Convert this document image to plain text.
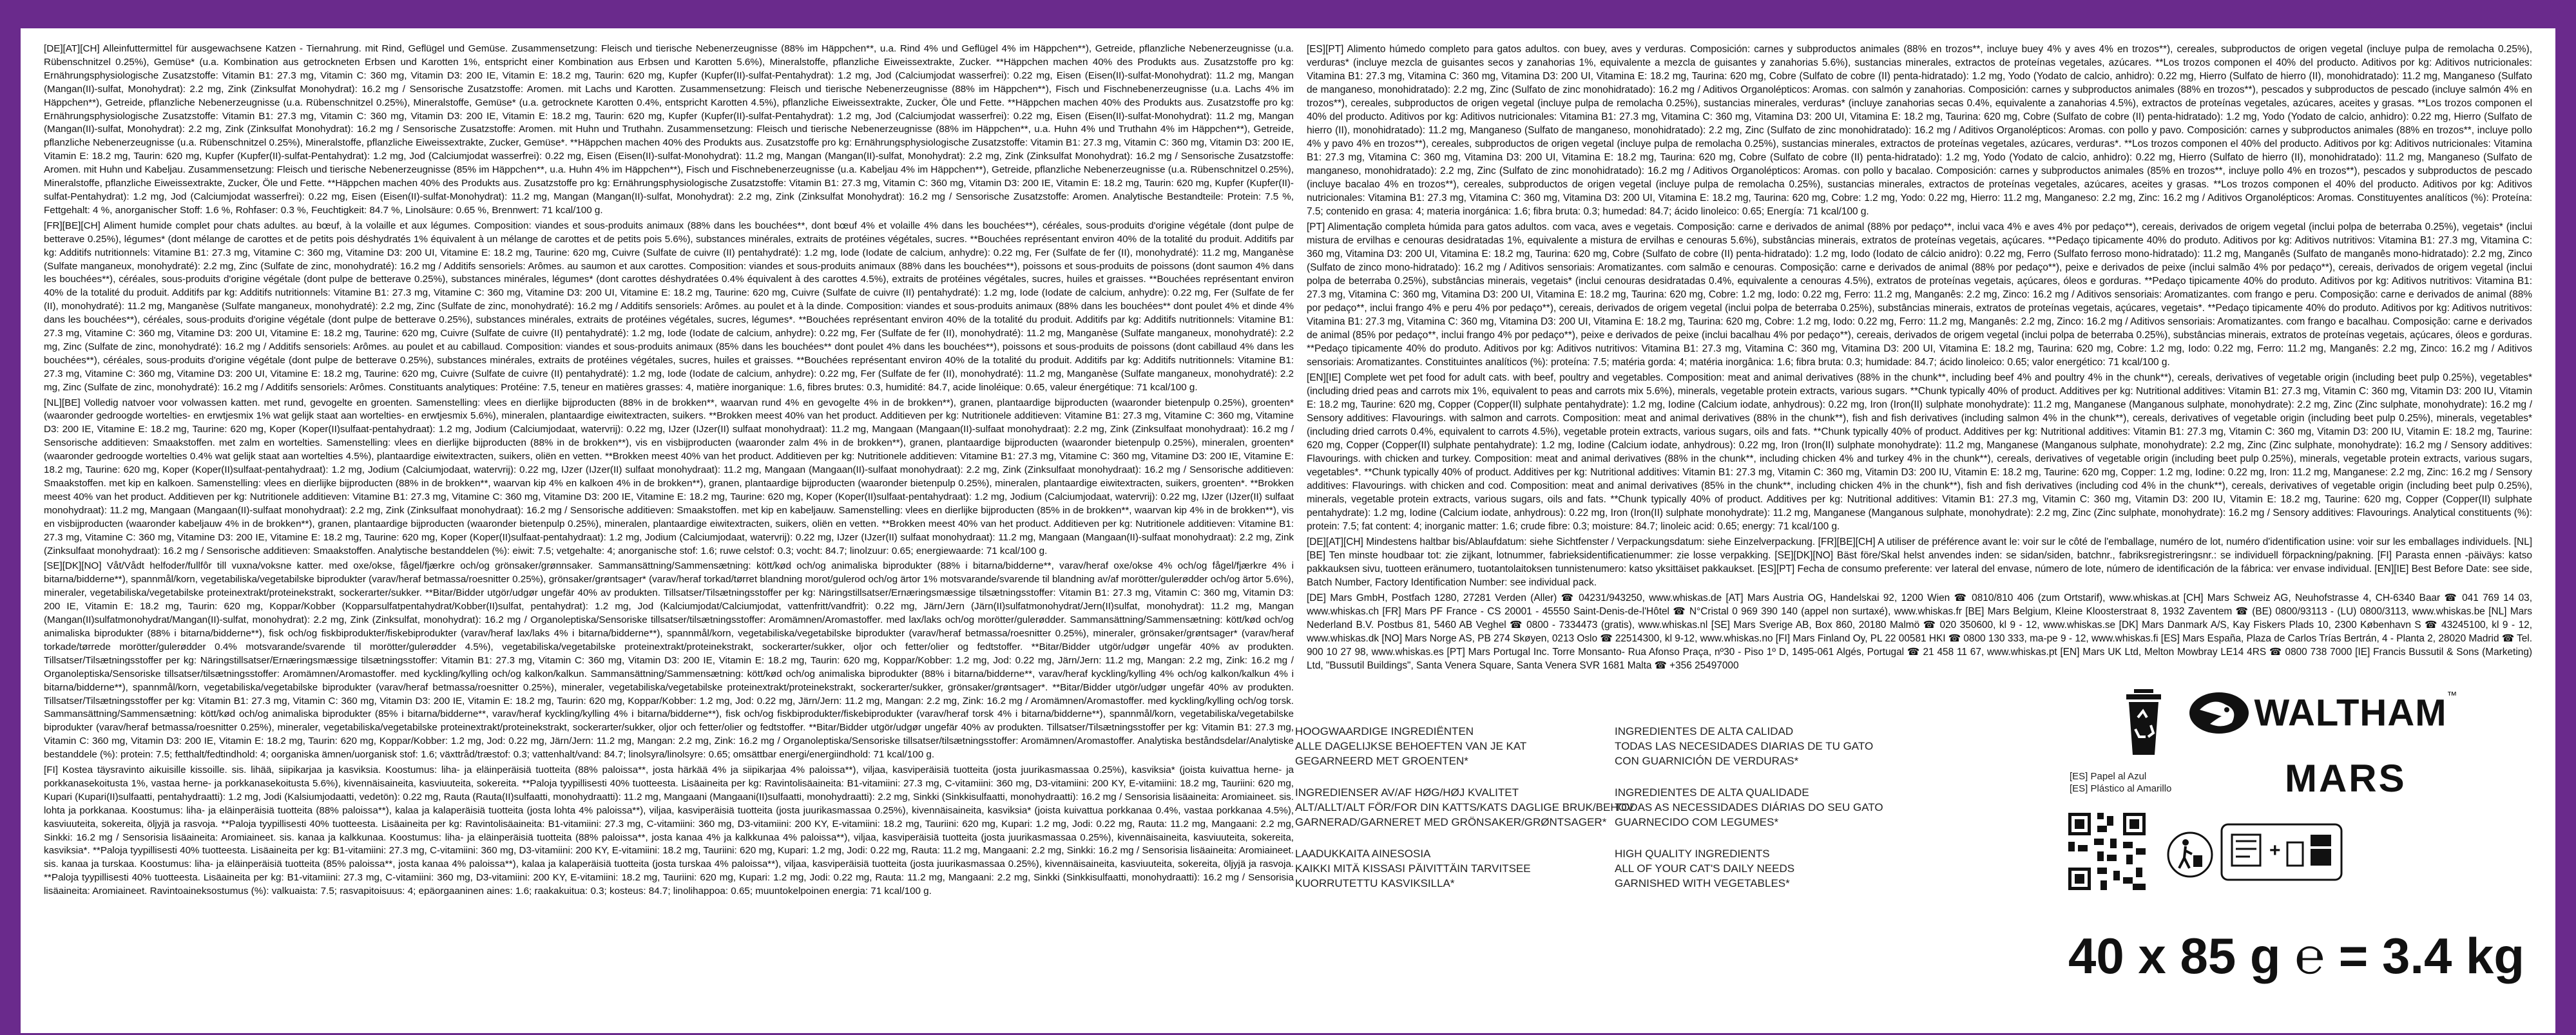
[DE][AT][CH] Alleinfuttermittel für ausgewachsene Katzen - Tiernahrung. mit Rind, Geflügel und Gemüse. Zusammensetzung: Fleisch und tierische Nebenerzeugnisse (88% im Häppchen**, u.a. Rind 4% und Geflügel 4% im Häppchen**), Getreide, pflanzliche Nebenerzeugnisse (u.a. Rübenschnitzel 0.25%), Gemüse* (u.a. Kombination aus getrockneten Erbsen und Karotten 1%, entspricht einer Kombination aus Erbsen und Karotten 5.6%), Mineralstoffe, pflanzliche Eiweissextrakte, Zucker. **Häppchen machen 40% des Produkts aus. Zusatzstoffe pro kg: Ernährungsphysiologische Zusatzstoffe: Vitamin B1: 27.3 mg, Vitamin C: 360 mg, Vitamin D3: 200 IE, Vitamin E: 18.2 mg, Taurin: 620 mg, Kupfer (Kupfer(II)-sulfat-Pentahydrat): 1.2 mg, Jod (Calciumjodat wasserfrei): 0.22 mg, Eisen (Eisen(II)-sulfat-Monohydrat): 11.2 mg, Mangan (Mangan(II)-sulfat, Monohydrat): 2.2 mg, Zink (Zinksulfat Monohydrat): 16.2 mg / Sensorische Zusatzstoffe: Aromen. mit Lachs und Karotten. Zusammensetzung: Fleisch und tierische Nebenerzeugnisse (88% im Häppchen**), Fisch und Fischnebenerzeugnisse (u.a. Lachs 4% im Häppchen**), Getreide, pflanzliche Nebenerzeugnisse (u.a. Rübenschnitzel 0.25%), Mineralstoffe, Gemüse* (u.a. getrocknete Karotten 0.4%, entspricht Karotten 4.5%), pflanzliche Eiweissextrakte, Zucker, Öle und Fette. **Häppchen machen 40% des Produkts aus. Zusatzstoffe pro kg: Ernährungsphysiologische Zusatzstoffe: Vitamin B1: 27.3 mg, Vitamin C: 360 mg, Vitamin D3: 200 IE, Vitamin E: 18.2 mg, Taurin: 620 mg, Kupfer (Kupfer(II)-sulfat-Pentahydrat): 1.2 mg, Jod (Calciumjodat wasserfrei): 0.22 mg, Eisen (Eisen(II)-sulfat-Monohydrat): 11.2 mg, Mangan (Mangan(II)-sulfat, Monohydrat): 2.2 mg, Zink (Zinksulfat Monohydrat): 16.2 mg / Sensorische Zusatzstoffe: Aromen. mit Huhn und Truthahn. Zusammensetzung: Fleisch und tierische Nebenerzeugnisse (88% im Häppchen**, u.a. Huhn 4% und Truthahn 4% im Häppchen**), Getreide, pflanzliche Nebenerzeugnisse (u.a. Rübenschnitzel 0.25%), Mineralstoffe, pflanzliche Eiweissextrakte, Zucker, Gemüse*. **Häppchen machen 40% des Produkts aus. Zusatzstoffe pro kg: Ernährungsphysiologische Zusatzstoffe: Vitamin B1: 27.3 mg, Vitamin C: 360 mg, Vitamin D3: 200 IE, Vitamin E: 18.2 mg, Taurin: 620 mg, Kupfer (Kupfer(II)-sulfat-Pentahydrat): 1.2 mg, Jod (Calciumjodat wasserfrei): 0.22 mg, Eisen (Eisen(II)-sulfat-Monohydrat): 11.2 mg, Mangan (Mangan(II)-sulfat, Monohydrat): 2.2 mg, Zink (Zinksulfat Monohydrat): 16.2 mg / Sensorische Zusatzstoffe: Aromen. mit Huhn und Kabeljau. Zusammensetzung: Fleisch und tierische Nebenerzeugnisse (85% im Häppchen**, u.a. Huhn 4% im Häppchen**), Fisch und Fischnebenerzeugnisse (u.a. Kabeljau 4% im Häppchen**), Getreide, pflanzliche Nebenerzeugnisse (u.a. Rübenschnitzel 0.25%), Mineralstoffe, pflanzliche Eiweissextrakte, Zucker, Öle und Fette. **Häppchen machen 40% des Produkts aus. Zusatzstoffe pro kg: Ernährungsphysiologische Zusatzstoffe: Vitamin B1: 27.3 mg, Vitamin C: 360 mg, Vitamin D3: 200 IE, Vitamin E: 18.2 mg, Taurin: 620 mg, Kupfer (Kupfer(II)-sulfat-Pentahydrat): 1.2 mg, Jod (Calciumjodat wasserfrei): 0.22 mg, Eisen (Eisen(II)-sulfat-Monohydrat): 11.2 mg, Mangan (Mangan(II)-sulfat, Monohydrat): 2.2 mg, Zink (Zinksulfat Monohydrat): 16.2 mg / Sensorische Zusatzstoffe: Aromen. Analytische Bestandteile: Protein: 7.5 %, Fettgehalt: 4 %, anorganischer Stoff: 1.6 %, Rohfaser: 0.3 %, Feuchtigkeit: 84.7 %, Linolsäure: 0.65 %, Brennwert: 71 kcal/100 g.

[FR][BE][CH] Aliment humide complet pour chats adultes. au bœuf, à la volaille et aux légumes. Composition: viandes et sous-produits animaux (88% dans les bouchées**, dont bœuf 4% et volaille 4% dans les bouchées**), céréales, sous-produits d'origine végétale (dont pulpe de betterave 0.25%), légumes* (dont mélange de carottes et de petits pois déshydratés 1% équivalent à un mélange de carottes et de petits pois 5.6%), substances minérales, extraits de protéines végétales, sucres. **Bouchées représentant environ 40% de la totalité du produit. Additifs par kg: Additifs nutritionnels: Vitamine B1: 27.3 mg, Vitamine C: 360 mg, Vitamine D3: 200 UI, Vitamine E: 18.2 mg, Taurine: 620 mg, Cuivre (Sulfate de cuivre (II) pentahydraté): 1.2 mg, Iode (Iodate de calcium, anhydre): 0.22 mg, Fer (Sulfate de fer (II), monohydraté): 11.2 mg, Manganèse (Sulfate manganeux, monohydraté): 2.2 mg, Zinc (Sulfate de zinc, monohydraté): 16.2 mg / Additifs sensoriels: Arômes. au saumon et aux carottes. Composition: viandes et sous-produits animaux (88% dans les bouchées**), poissons et sous-produits de poissons (dont saumon 4% dans les bouchées**), céréales, sous-produits d'origine végétale (dont pulpe de betterave 0.25%), substances minérales, légumes* (dont carottes déshydratées 0.4% équivalent à des carottes 4.5%), extraits de protéines végétales, sucres, huiles et graisses. **Bouchées représentant environ 40% de la totalité du produit. Additifs par kg: Additifs nutritionnels: Vitamine B1: 27.3 mg, Vitamine C: 360 mg, Vitamine D3: 200 UI, Vitamine E: 18.2 mg, Taurine: 620 mg, Cuivre (Sulfate de cuivre (II) pentahydraté): 1.2 mg, Iode (Iodate de calcium, anhydre): 0.22 mg, Fer (Sulfate de fer (II), monohydraté): 11.2 mg, Manganèse (Sulfate manganeux, monohydraté): 2.2 mg, Zinc (Sulfate de zinc, monohydraté): 16.2 mg / Additifs sensoriels: Arômes. au poulet et à la dinde. Composition: viandes et sous-produits animaux (88% dans les bouchées** dont poulet 4% et dinde 4% dans les bouchées**), céréales, sous-produits d'origine végétale (dont pulpe de betterave 0.25%), substances minérales, extraits de protéines végétales, sucres, légumes*. **Bouchées représentant environ 40% de la totalité du produit. Additifs par kg: Additifs nutritionnels: Vitamine B1: 27.3 mg, Vitamine C: 360 mg, Vitamine D3: 200 UI, Vitamine E: 18.2 mg, Taurine: 620 mg, Cuivre (Sulfate de cuivre (II) pentahydraté): 1.2 mg, Iode (Iodate de calcium, anhydre): 0.22 mg, Fer (Sulfate de fer (II), monohydraté): 11.2 mg, Manganèse (Sulfate manganeux, monohydraté): 2.2 mg, Zinc (Sulfate de zinc, monohydraté): 16.2 mg / Additifs sensoriels: Arômes. au poulet et au cabillaud. Composition: viandes et sous-produits animaux (85% dans les bouchées** dont poulet 4% dans les bouchées**), poissons et sous-produits de poissons (dont cabillaud 4% dans les bouchées**), céréales, sous-produits d'origine végétale (dont pulpe de betterave 0.25%), substances minérales, extraits de protéines végétales, sucres, huiles et graisses. **Bouchées représentant environ 40% de la totalité du produit. Additifs par kg: Additifs nutritionnels: Vitamine B1: 27.3 mg, Vitamine C: 360 mg, Vitamine D3: 200 UI, Vitamine E: 18.2 mg, Taurine: 620 mg, Cuivre (Sulfate de cuivre (II) pentahydraté): 1.2 mg, Iode (Iodate de calcium, anhydre): 0.22 mg, Fer (Sulfate de fer (II), monohydraté): 11.2 mg, Manganèse (Sulfate manganeux, monohydraté): 2.2 mg, Zinc (Sulfate de zinc, monohydraté): 16.2 mg / Additifs sensoriels: Arômes. Constituants analytiques: Protéine: 7.5, teneur en matières grasses: 4, matière inorganique: 1.6, fibres brutes: 0.3, humidité: 84.7, acide linoléique: 0.65, valeur énergétique: 71 kcal/100 g.

[NL][BE] Volledig natvoer voor volwassen katten. met rund, gevogelte en groenten. Samenstelling: vlees en dierlijke bijproducten (88% in de brokken**, waarvan rund 4% en gevogelte 4% in de brokken**), granen, plantaardige bijproducten (waaronder bietenpulp 0.25%), groenten* (waaronder gedroogde wortelties- en erwtjesmix 1% wat gelijk staat aan wortelties- en erwtjesmix 5.6%), mineralen, plantaardige eiwitextracten, suikers. **Brokken meest 40% van het product. Additieven per kg: Nutritionele additieven: Vitamine B1: 27.3 mg, Vitamine C: 360 mg, Vitamine D3: 200 IE, Vitamine E: 18.2 mg, Taurine: 620 mg, Koper (Koper(II)sulfaat-pentahydraat): 1.2 mg, Jodium (Calciumjodaat, watervrij): 0.22 mg, IJzer (IJzer(II) sulfaat monohydraat): 11.2 mg, Mangaan (Mangaan(II)-sulfaat monohydraat): 2.2 mg, Zink (Zinksulfaat monohydraat): 16.2 mg / Sensorische additieven: Smaakstoffen. met zalm en wortelties. Samenstelling: vlees en dierlijke bijproducten (88% in de brokken**), vis en visbijproducten (waaronder zalm 4% in de brokken**), granen, plantaardige bijproducten (waaronder bietenpulp 0.25%), mineralen, groenten* (waaronder gedroogde wortelties 0.4% wat gelijk staat aan wortelties 4.5%), plantaardige eiwitextracten, suikers, oliën en vetten. **Brokken meest 40% van het product. Additieven per kg: Nutritionele additieven: Vitamine B1: 27.3 mg, Vitamine C: 360 mg, Vitamine D3: 200 IE, Vitamine E: 18.2 mg, Taurine: 620 mg, Koper (Koper(II)sulfaat-pentahydraat): 1.2 mg, Jodium (Calciumjodaat, watervrij): 0.22 mg, IJzer (IJzer(II) sulfaat monohydraat): 11.2 mg, Mangaan (Mangaan(II)-sulfaat monohydraat): 2.2 mg, Zink (Zinksulfaat monohydraat): 16.2 mg / Sensorische additieven: Smaakstoffen. met kip en kalkoen. Samenstelling: vlees en dierlijke bijproducten (88% in de brokken**, waarvan kip 4% en kalkoen 4% in de brokken**), granen, plantaardige bijproducten (waaronder bietenpulp 0.25%), mineralen, plantaardige eiwitextracten, suikers, groenten*. **Brokken meest 40% van het product. Additieven per kg: Nutritionele additieven: Vitamine B1: 27.3 mg, Vitamine C: 360 mg, Vitamine D3: 200 IE, Vitamine E: 18.2 mg, Taurine: 620 mg, Koper (Koper(II)sulfaat-pentahydraat): 1.2 mg, Jodium (Calciumjodaat, watervrij): 0.22 mg, IJzer (IJzer(II) sulfaat monohydraat): 11.2 mg, Mangaan (Mangaan(II)-sulfaat monohydraat): 2.2 mg, Zink (Zinksulfaat monohydraat): 16.2 mg / Sensorische additieven: Smaakstoffen. met kip en kabeljauw. Samenstelling: vlees en dierlijke bijproducten (85% in de brokken**, waarvan kip 4% in de brokken**), vis en visbijproducten (waaronder kabeljauw 4% in de brokken**), granen, plantaardige bijproducten (waaronder bietenpulp 0.25%), mineralen, plantaardige eiwitextracten, suikers, oliën en vetten. **Brokken meest 40% van het product. Additieven per kg: Nutritionele additieven: Vitamine B1: 27.3 mg, Vitamine C: 360 mg, Vitamine D3: 200 IE, Vitamine E: 18.2 mg, Taurine: 620 mg, Koper (Koper(II)sulfaat-pentahydraat): 1.2 mg, Jodium (Calciumjodaat, watervrij): 0.22 mg, IJzer (IJzer(II) sulfaat monohydraat): 11.2 mg, Mangaan (Mangaan(II)-sulfaat monohydraat): 2.2 mg, Zink (Zinksulfaat monohydraat): 16.2 mg / Sensorische additieven: Smaakstoffen. Analytische bestanddelen (%): eiwit: 7.5; vetgehalte: 4; anorganische stof: 1.6; ruwe celstof: 0.3; vocht: 84.7; linolzuur: 0.65; energiewaarde: 71 kcal/100 g.

[SE][DK][NO] Våt/Vådt helfoder/fullfôr till vuxna/voksne katter. med oxe/okse, fågel/fjærkre och/og grönsaker/grønnsaker. Sammansättning/Sammensætning: kött/kød och/og animaliska biprodukter (88% i bitarna/bidderne**, varav/heraf oxe/okse 4% och/og fågel/fjærkre 4% i bitarna/bidderne**), spannmål/korn, vegetabiliska/vegetabilske biprodukter (varav/heraf betmassa/roesnitter 0.25%), grönsaker/grøntsager* (varav/heraf torkad/tørret blandning morot/gulerod och/og ärtor 1% motsvarande/svarende til blandning av/af morötter/gulerødder och/og ärtor 5.6%), mineraler, vegetabiliska/vegetabilske proteinextrakt/proteinekstrakt, sockerarter/sukker. **Bitar/Bidder utgör/udgør ungefär 40% av produkten. Tillsatser/Tilsætningsstoffer per kg: Näringstillsatser/Ernæringsmæssige tilsætningsstoffer: Vitamin B1: 27.3 mg, Vitamin C: 360 mg, Vitamin D3: 200 IE, Vitamin E: 18.2 mg, Taurin: 620 mg, Koppar/Kobber (Kopparsulfatpentahydrat/Kobber(II)sulfat, pentahydrat): 1.2 mg, Jod (Kalciumjodat/Calciumjodat, vattenfritt/vandfrit): 0.22 mg, Järn/Jern (Järn(II)sulfatmonohydrat/Jern(II)sulfat, monohydrat): 11.2 mg, Mangan (Mangan(II)sulfatmonohydrat/Mangan(II)-sulfat, monohydrat): 2.2 mg, Zink (Zinksulfat, monohydrat): 16.2 mg / Organoleptiska/Sensoriske tillsatser/tilsætningsstoffer: Aromämnen/Aromastoffer. med lax/laks och/og morötter/gulerødder. Sammansättning/Sammensætning: kött/kød och/og animaliska biprodukter (88% i bitarna/bidderne**), fisk och/og fiskbiprodukter/fiskebiprodukter (varav/heraf lax/laks 4% i bitarna/bidderne**), spannmål/korn, vegetabiliska/vegetabilske biprodukter (varav/heraf betmassa/roesnitter 0.25%), mineraler, grönsaker/grøntsager* (varav/heraf torkade/tørrede morötter/gulerødder 0.4% motsvarande/svarende til morötter/gulerødder 4.5%), vegetabiliska/vegetabilske proteinextrakt/proteinekstrakt, sockerarter/sukker, oljor och fetter/olier og fedtstoffer. **Bitar/Bidder utgör/udgør ungefär 40% av produkten. Tillsatser/Tilsætningsstoffer per kg: Näringstillsatser/Ernæringsmæssige tilsætningsstoffer: Vitamin B1: 27.3 mg, Vitamin C: 360 mg, Vitamin D3: 200 IE, Vitamin E: 18.2 mg, Taurin: 620 mg, Koppar/Kobber: 1.2 mg, Jod: 0.22 mg, Järn/Jern: 11.2 mg, Mangan: 2.2 mg, Zink: 16.2 mg / Organoleptiska/Sensoriske tillsatser/tilsætningsstoffer: Aromämnen/Aromastoffer. med kyckling/kylling och/og kalkon/kalkun. Sammansättning/Sammensætning: kött/kød och/og animaliska biprodukter (88% i bitarna/bidderne**, varav/heraf kyckling/kylling 4% och/og kalkon/kalkun 4% i bitarna/bidderne**), spannmål/korn, vegetabiliska/vegetabilske biprodukter (varav/heraf betmassa/roesnitter 0.25%), mineraler, vegetabiliska/vegetabilske proteinextrakt/proteinekstrakt, sockerarter/sukker, grönsaker/grøntsager*. **Bitar/Bidder utgör/udgør ungefär 40% av produkten. Tillsatser/Tilsætningsstoffer per kg: Vitamin B1: 27.3 mg, Vitamin C: 360 mg, Vitamin D3: 200 IE, Vitamin E: 18.2 mg, Taurin: 620 mg, Koppar/Kobber: 1.2 mg, Jod: 0.22 mg, Järn/Jern: 11.2 mg, Mangan: 2.2 mg, Zink: 16.2 mg / Aromämnen/Aromastoffer. med kyckling/kylling och/og torsk. Sammansättning/Sammensætning: kött/kød och/og animaliska biprodukter (85% i bitarna/bidderne**, varav/heraf kyckling/kylling 4% i bitarna/bidderne**), fisk och/og fiskbiprodukter/fiskebiprodukter (varav/heraf torsk 4% i bitarna/bidderne**), spannmål/korn, vegetabiliska/vegetabilske biprodukter (varav/heraf betmassa/roesnitter 0.25%), mineraler, vegetabiliska/vegetabilske proteinextrakt/proteinekstrakt, sockerarter/sukker, oljor och fetter/olier og fedtstoffer. **Bitar/Bidder utgör/udgør ungefär 40% av produkten. Tillsatser/Tilsætningsstoffer per kg: Vitamin B1: 27.3 mg, Vitamin C: 360 mg, Vitamin D3: 200 IE, Vitamin E: 18.2 mg, Taurin: 620 mg, Koppar/Kobber: 1.2 mg, Jod: 0.22 mg, Järn/Jern: 11.2 mg, Mangan: 2.2 mg, Zink: 16.2 mg / Organoleptiska/Sensoriske tillsatser/tilsætningsstoffer: Aromämnen/Aromastoffer. Analytiska beståndsdelar/Analytiske bestanddele (%): protein: 7.5; fetthalt/fedtindhold: 4; oorganiska ämnen/uorganisk stof: 1.6; växttråd/træstof: 0.3; vattenhalt/vand: 84.7; linolsyra/linolsyre: 0.65; omsättbar energi/energiindhold: 71 kcal/100 g.

[FI] Kostea täysravinto aikuisille kissoille. sis. lihää, siipikarjaa ja kasviksia. Koostumus: liha- ja eläinperäisiä tuotteita (88% paloissa**, josta härkää 4% ja siipikarjaa 4% paloissa**), viljaa, kasviperäisiä tuotteita (josta juurikasmassaa 0.25%), kasviksia* (joista kuivattua herne- ja porkkanasekoitusta 1%, vastaa herne- ja porkkanasekoitusta 5.6%), kivennäisaineita, kasviuuteita, sokereita. **Paloja tyypillisesti 40% tuotteesta. Lisäaineita per kg: Ravintolisäaineita: B1-vitamiini: 27.3 mg, C-vitamiini: 360 mg, D3-vitamiini: 200 KY, E-vitamiini: 18.2 mg, Tauriini: 620 mg, Kupari (Kupari(II)sulfaatti, pentahydraatti): 1.2 mg, Jodi (Kalsiumjodaatti, vedetön): 0.22 mg, Rauta (Rauta(II)sulfaatti, monohydraatti): 11.2 mg, Mangaani (Mangaani(II)sulfaatti, monohydraatti): 2.2 mg, Sinkki (Sinkkisulfaatti, monohydraatti): 16.2 mg / Sensorisia lisäaineita: Aromiaineet. sis. lohta ja porkkanaa. Koostumus: liha- ja eläinperäisiä tuotteita (88% paloissa**), kalaa ja kalaperäisiä tuotteita (josta lohta 4% paloissa**), viljaa, kasviperäisiä tuotteita (josta juurikasmassaa 0.25%), kivennäisaineita, kasviksia* (joista kuivattua porkkanaa 0.4%, vastaa porkkanaa 4.5%), kasviuuteita, sokereita, öljyjä ja rasvoja. **Paloja tyypillisesti 40% tuotteesta. Lisäaineita per kg: Ravintolisäaineita: B1-vitamiini: 27.3 mg, C-vitamiini: 360 mg, D3-vitamiini: 200 KY, E-vitamiini: 18.2 mg, Tauriini: 620 mg, Kupari: 1.2 mg, Jodi: 0.22 mg, Rauta: 11.2 mg, Mangaani: 2.2 mg, Sinkki: 16.2 mg / Sensorisia lisäaineita: Aromiaineet. sis. kanaa ja kalkkunaa. Koostumus: liha- ja eläinperäisiä tuotteita (88% paloissa**, josta kanaa 4% ja kalkkunaa 4% paloissa**), viljaa, kasviperäisiä tuotteita (josta juurikasmassaa 0.25%), kivennäisaineita, kasviuuteita, sokereita, kasviksia*. **Paloja tyypillisesti 40% tuotteesta. Lisäaineita per kg: B1-vitamiini: 27.3 mg, C-vitamiini: 360 mg, D3-vitamiini: 200 KY, E-vitamiini: 18.2 mg, Tauriini: 620 mg, Kupari: 1.2 mg, Jodi: 0.22 mg, Rauta: 11.2 mg, Mangaani: 2.2 mg, Sinkki: 16.2 mg / Sensorisia lisäaineita: Aromiaineet. sis. kanaa ja turskaa. Koostumus: liha- ja eläinperäisiä tuotteita (85% paloissa**, josta kanaa 4% paloissa**), kalaa ja kalaperäisiä tuotteita (josta turskaa 4% paloissa**), viljaa, kasviperäisiä tuotteita (josta juurikasmassaa 0.25%), kivennäisaineita, kasviuuteita, sokereita, öljyjä ja rasvoja. **Paloja tyypillisesti 40% tuotteesta. Lisäaineita per kg: B1-vitamiini: 27.3 mg, C-vitamiini: 360 mg, D3-vitamiini: 200 KY, E-vitamiini: 18.2 mg, Tauriini: 620 mg, Kupari: 1.2 mg, Jodi: 0.22 mg, Rauta: 11.2 mg, Mangaani: 2.2 mg, Sinkki (Sinkkisulfaatti, monohydraatti): 16.2 mg / Sensorisia lisäaineita: Aromiaineet. Ravintoaineksostumus (%): valkuaista: 7.5; rasvapitoisuus: 4; epäorgaaninen aines: 1.6; raakakuitua: 0.3; kosteus: 84.7; linolihappoa: 0.65; muuntokelpoinen energia: 71 kcal/100 g.

[ES][PT] Alimento húmedo completo para gatos adultos. con buey, aves y verduras. Composición: carnes y subproductos animales (88% en trozos**, incluye buey 4% y aves 4% en trozos**), cereales, subproductos de origen vegetal (incluye pulpa de remolacha 0.25%), verduras* (incluye mezcla de guisantes secos y zanahorias 1%, equivalente a mezcla de guisantes y zanahorias 5.6%), sustancias minerales, extractos de proteínas vegetales, azúcares. **Los trozos componen el 40% del producto. Aditivos por kg: Aditivos nutricionales: Vitamina B1: 27.3 mg, Vitamina C: 360 mg, Vitamina D3: 200 UI, Vitamina E: 18.2 mg, Taurina: 620 mg, Cobre (Sulfato de cobre (II) penta-hidratado): 1.2 mg, Yodo (Yodato de calcio, anhidro): 0.22 mg, Hierro (Sulfato de hierro (II), monohidratado): 11.2 mg, Manganeso (Sulfato de manganeso, monohidratado): 2.2 mg, Zinc (Sulfato de zinc monohidratado): 16.2 mg / Aditivos Organolépticos: Aromas. con salmón y zanahorias. Composición: carnes y subproductos animales (88% en trozos**), pescados y subproductos de pescado (incluye salmón 4% en trozos**), cereales, subproductos de origen vegetal (incluye pulpa de remolacha 0.25%), sustancias minerales, verduras* (incluye zanahorias secas 0.4%, equivalente a zanahorias 4.5%), extractos de proteínas vegetales, azúcares, aceites y grasas. **Los trozos componen el 40% del producto. Aditivos por kg: Aditivos nutricionales: Vitamina B1: 27.3 mg, Vitamina C: 360 mg, Vitamina D3: 200 UI, Vitamina E: 18.2 mg, Taurina: 620 mg, Cobre (Sulfato de cobre (II) penta-hidratado): 1.2 mg, Yodo (Yodato de calcio, anhidro): 0.22 mg, Hierro (Sulfato de hierro (II), monohidratado): 11.2 mg, Manganeso (Sulfato de manganeso, monohidratado): 2.2 mg, Zinc (Sulfato de zinc monohidratado): 16.2 mg / Aditivos Organolépticos: Aromas. con pollo y pavo. Composición: carnes y subproductos animales (88% en trozos**, incluye pollo 4% y pavo 4% en trozos**), cereales, subproductos de origen vegetal (incluye pulpa de remolacha 0.25%), sustancias minerales, extractos de proteínas vegetales, azúcares, verduras*. **Los trozos componen el 40% del producto. Aditivos por kg: Aditivos nutricionales: Vitamina B1: 27.3 mg, Vitamina C: 360 mg, Vitamina D3: 200 UI, Vitamina E: 18.2 mg, Taurina: 620 mg, Cobre (Sulfato de cobre (II) penta-hidratado): 1.2 mg, Yodo (Yodato de calcio, anhidro): 0.22 mg, Hierro (Sulfato de hierro (II), monohidratado): 11.2 mg, Manganeso (Sulfato de manganeso, monohidratado): 2.2 mg, Zinc (Sulfato de zinc monohidratado): 16.2 mg / Aditivos Organolépticos: Aromas. con pollo y bacalao. Composición: carnes y subproductos animales (85% en trozos**, incluye pollo 4% en trozos**), pescados y subproductos de pescado (incluye bacalao 4% en trozos**), cereales, subproductos de origen vegetal (incluye pulpa de remolacha 0.25%), sustancias minerales, extractos de proteínas vegetales, azúcares, aceites y grasas. **Los trozos componen el 40% del producto. Aditivos por kg: Aditivos nutricionales: Vitamina B1: 27.3 mg, Vitamina C: 360 mg, Vitamina D3: 200 UI, Vitamina E: 18.2 mg, Taurina: 620 mg, Cobre: 1.2 mg, Yodo: 0.22 mg, Hierro: 11.2 mg, Manganeso: 2.2 mg, Zinc: 16.2 mg / Aditivos Organolépticos: Aromas. Constituyentes analíticos (%): Proteína: 7.5; contenido en grasa: 4; materia inorgánica: 1.6; fibra bruta: 0.3; humedad: 84.7; ácido linoleico: 0.65; Energía: 71 kcal/100 g.

[PT] Alimentação completa húmida para gatos adultos. com vaca, aves e vegetais. Composição: carne e derivados de animal (88% por pedaço**, inclui vaca 4% e aves 4% por pedaço**), cereais, derivados de origem vegetal (inclui polpa de beterraba 0.25%), vegetais* (inclui mistura de ervilhas e cenouras desidratadas 1%, equivalente a mistura de ervilhas e cenouras 5.6%), substâncias minerais, extratos de proteínas vegetais, açúcares. **Pedaço tipicamente 40% do produto. Aditivos por kg: Aditivos nutritivos: Vitamina B1: 27.3 mg, Vitamina C: 360 mg, Vitamina D3: 200 UI, Vitamina E: 18.2 mg, Taurina: 620 mg, Cobre (Sulfato de cobre (II) penta-hidratado): 1.2 mg, Iodo (Iodato de cálcio anidro): 0.22 mg, Ferro (Sulfato ferroso mono-hidratado): 11.2 mg, Manganês (Sulfato de manganês mono-hidratado): 2.2 mg, Zinco (Sulfato de zinco mono-hidratado): 16.2 mg / Aditivos sensoriais: Aromatizantes. com salmão e cenouras. Composição: carne e derivados de animal (88% por pedaço**), peixe e derivados de peixe (inclui salmão 4% por pedaço**), cereais, derivados de origem vegetal (inclui polpa de beterraba 0.25%), substâncias minerais, vegetais* (inclui cenouras desidratadas 0.4%, equivalente a cenouras 4.5%), extratos de proteínas vegetais, açúcares, óleos e gorduras. **Pedaço tipicamente 40% do produto. Aditivos por kg: Aditivos nutritivos: Vitamina B1: 27.3 mg, Vitamina C: 360 mg, Vitamina D3: 200 UI, Vitamina E: 18.2 mg, Taurina: 620 mg, Cobre: 1.2 mg, Iodo: 0.22 mg, Ferro: 11.2 mg, Manganês: 2.2 mg, Zinco: 16.2 mg / Aditivos sensoriais: Aromatizantes. com frango e peru. Composição: carne e derivados de animal (88% por pedaço**, inclui frango 4% e peru 4% por pedaço**), cereais, derivados de origem vegetal (inclui polpa de beterraba 0.25%), substâncias minerais, extratos de proteínas vegetais, açúcares, vegetais*. **Pedaço tipicamente 40% do produto. Aditivos por kg: Aditivos nutritivos: Vitamina B1: 27.3 mg, Vitamina C: 360 mg, Vitamina D3: 200 UI, Vitamina E: 18.2 mg, Taurina: 620 mg, Cobre: 1.2 mg, Iodo: 0.22 mg, Ferro: 11.2 mg, Manganês: 2.2 mg, Zinco: 16.2 mg / Aditivos sensoriais: Aromatizantes. com frango e bacalhau. Composição: carne e derivados de animal (85% por pedaço**, inclui frango 4% por pedaço**), peixe e derivados de peixe (inclui bacalhau 4% por pedaço**), cereais, derivados de origem vegetal (inclui polpa de beterraba 0.25%), substâncias minerais, extratos de proteínas vegetais, açúcares, óleos e gorduras. **Pedaço tipicamente 40% do produto. Aditivos por kg: Aditivos nutritivos: Vitamina B1: 27.3 mg, Vitamina C: 360 mg, Vitamina D3: 200 UI, Vitamina E: 18.2 mg, Taurina: 620 mg, Cobre: 1.2 mg, Iodo: 0.22 mg, Ferro: 11.2 mg, Manganês: 2.2 mg, Zinco: 16.2 mg / Aditivos sensoriais: Aromatizantes. Constituintes analíticos (%): proteína: 7.5; matéria gorda: 4; matéria inorgânica: 1.6; fibra bruta: 0.3; humidade: 84.7; ácido linoleico: 0.65; valor energético: 71 kcal/100 g.

[EN][IE] Complete wet pet food for adult cats. with beef, poultry and vegetables. Composition: meat and animal derivatives (88% in the chunk**, including beef 4% and poultry 4% in the chunk**), cereals, derivatives of vegetable origin (including beet pulp 0.25%), vegetables* (including dried peas and carrots mix 1%, equivalent to peas and carrots mix 5.6%), minerals, vegetable protein extracts, various sugars. **Chunk typically 40% of product. Additives per kg: Nutritional additives: Vitamin B1: 27.3 mg, Vitamin C: 360 mg, Vitamin D3: 200 IU, Vitamin E: 18.2 mg, Taurine: 620 mg, Copper (Copper(II) sulphate pentahydrate): 1.2 mg, Iodine (Calcium iodate, anhydrous): 0.22 mg, Iron (Iron(II) sulphate monohydrate): 11.2 mg, Manganese (Manganous sulphate, monohydrate): 2.2 mg, Zinc (Zinc sulphate, monohydrate): 16.2 mg / Sensory additives: Flavourings. with salmon and carrots. Composition: meat and animal derivatives (88% in the chunk**), fish and fish derivatives (including salmon 4% in the chunk**), cereals, derivatives of vegetable origin (including beet pulp 0.25%), minerals, vegetables* (including dried carrots 0.4%, equivalent to carrots 4.5%), vegetable protein extracts, various sugars, oils and fats. **Chunk typically 40% of product. Additives per kg: Nutritional additives: Vitamin B1: 27.3 mg, Vitamin C: 360 mg, Vitamin D3: 200 IU, Vitamin E: 18.2 mg, Taurine: 620 mg, Copper (Copper(II) sulphate pentahydrate): 1.2 mg, Iodine (Calcium iodate, anhydrous): 0.22 mg, Iron (Iron(II) sulphate monohydrate): 11.2 mg, Manganese (Manganous sulphate, monohydrate): 2.2 mg, Zinc (Zinc sulphate, monohydrate): 16.2 mg / Sensory additives: Flavourings. with chicken and turkey. Composition: meat and animal derivatives (88% in the chunk**, including chicken 4% and turkey 4% in the chunk**), cereals, derivatives of vegetable origin (including beet pulp 0.25%), minerals, vegetable protein extracts, various sugars, vegetables*. **Chunk typically 40% of product. Additives per kg: Nutritional additives: Vitamin B1: 27.3 mg, Vitamin C: 360 mg, Vitamin D3: 200 IU, Vitamin E: 18.2 mg, Taurine: 620 mg, Copper: 1.2 mg, Iodine: 0.22 mg, Iron: 11.2 mg, Manganese: 2.2 mg, Zinc: 16.2 mg / Sensory additives: Flavourings. with chicken and cod. Composition: meat and animal derivatives (85% in the chunk**, including chicken 4% in the chunk**), fish and fish derivatives (including cod 4% in the chunk**), cereals, derivatives of vegetable origin (including beet pulp 0.25%), minerals, vegetable protein extracts, various sugars, oils and fats. **Chunk typically 40% of product. Additives per kg: Nutritional additives: Vitamin B1: 27.3 mg, Vitamin C: 360 mg, Vitamin D3: 200 IU, Vitamin E: 18.2 mg, Taurine: 620 mg, Copper (Copper(II) sulphate pentahydrate): 1.2 mg, Iodine (Calcium iodate, anhydrous): 0.22 mg, Iron (Iron(II) sulphate monohydrate): 11.2 mg, Manganese (Manganous sulphate, monohydrate): 2.2 mg, Zinc (Zinc sulphate, monohydrate): 16.2 mg / Sensory additives: Flavourings. Analytical constituents (%): protein: 7.5; fat content: 4; inorganic matter: 1.6; crude fibre: 0.3; moisture: 84.7; linoleic acid: 0.65; energy: 71 kcal/100 g.

[DE][AT][CH] Mindestens haltbar bis/Ablaufdatum: siehe Sichtfenster / Verpackungsdatum: siehe Einzelverpackung. [FR][BE][CH] A utiliser de préférence avant le: voir sur le côté de l'emballage, numéro de lot, numéro d'identification usine: voir sur les emballages individuels. [NL][BE] Ten minste houdbaar tot: zie zijkant, lotnummer, fabrieksidentificatienummer: zie losse verpakking. [SE][DK][NO] Bäst före/Skal helst anvendes inden: se sidan/siden, batchnr., fabriksregistreringsnr.: se individuell förpackning/pakning. [FI] Parasta ennen -päiväys: katso pakkauksen sivu, tuotteen eränumero, tuotantolaitoksen tunnistenumero: katso yksittäiset pakkaukset. [ES][PT] Fecha de consumo preferente: ver lateral del envase, número de lote, número de identificación de la fábrica: ver envase individual. [EN][IE] Best Before Date: see side, Batch Number, Factory Identification Number: see individual pack.

[DE] Mars GmbH, Postfach 1280, 27281 Verden (Aller) ☎ 04231/943250, www.whiskas.de [AT] Mars Austria OG, Handelskai 92, 1200 Wien ☎ 0810/810 406 (zum Ortstarif), www.whiskas.at [CH] Mars Schweiz AG, Neuhofstrasse 4, CH-6340 Baar ☎ 041 769 14 03, www.whiskas.ch [FR] Mars PF France - CS 20001 - 45550 Saint-Denis-de-l'Hôtel ☎ N°Cristal 0 969 390 140 (appel non surtaxé), www.whiskas.fr [BE] Mars Belgium, Kleine Kloosterstraat 8, 1932 Zaventem ☎ (BE) 0800/93113 - (LU) 0800/3113, www.whiskas.be [NL] Mars Nederland B.V. Postbus 81, 5460 AB Veghel ☎ 0800 - 7334473 (gratis), www.whiskas.nl [SE] Mars Sverige AB, Box 860, 20180 Malmö ☎ 020 350600, kl 9 - 12, www.whiskas.se [DK] Mars Danmark A/S, Kay Fiskers Plads 10, 2300 København S ☎ 43245100, kl 9 - 12, www.whiskas.dk [NO] Mars Norge AS, PB 274 Skøyen, 0213 Oslo ☎ 22514300, kl 9-12, www.whiskas.no [FI] Mars Finland Oy, PL 22 00581 HKI ☎ 0800 130 333, ma-pe 9 - 12, www.whiskas.fi [ES] Mars España, Plaza de Carlos Trías Bertrán, 4 - Planta 2, 28020 Madrid ☎ Tel. 900 10 27 98, www.whiskas.es [PT] Mars Portugal Inc. Torre Monsanto- Rua Afonso Praça, nº30 - Piso 1º D, 1495-061 Algés, Portugal ☎ 21 458 11 67, www.whiskas.pt [EN] Mars UK Ltd, Melton Mowbray LE14 4RS ☎ 0800 738 7000 [IE] Francis Bussutil & Sons (Marketing) Ltd, "Bussutil Buildings", Santa Venera Square, Santa Venera SVR 1681 Malta ☎ +356 25497000

HOOGWAARDIGE INGREDIËNTEN
ALLE DAGELIJKSE BEHOEFTEN VAN JE KAT
GEGARNEERD MET GROENTEN*
INGREDIENSER AV/AF HØG/HØJ KVALITET
ALT/ALLT/ALT FÖR/FOR DIN KATTS/KATS DAGLIGE BRUK/BEHOV
GARNERAD/GARNERET MED GRÖNSAKER/GRØNTSAGER*
LAADUKKAITA AINESOSIA
KAIKKI MITÄ KISSASI PÄIVITTÄIN TARVITSEE
KUORRUTETTU KASVIKSILLA*
INGREDIENTES DE ALTA CALIDAD
TODAS LAS NECESIDADES DIARIAS DE TU GATO
CON GUARNICIÓN DE VERDURAS*
INGREDIENTES DE ALTA QUALIDADE
TODAS AS NECESSIDADES DIÁRIAS DO SEU GATO
GUARNECIDO COM LEGUMES*
HIGH QUALITY INGREDIENTS
ALL OF YOUR CAT'S DAILY NEEDS
GARNISHED WITH VEGETABLES*
[ES] Papel al Azul
[ES] Plástico al Amarillo
WALTHAM™
MARS
+
40 x 85 g ℮ = 3.4 kg
